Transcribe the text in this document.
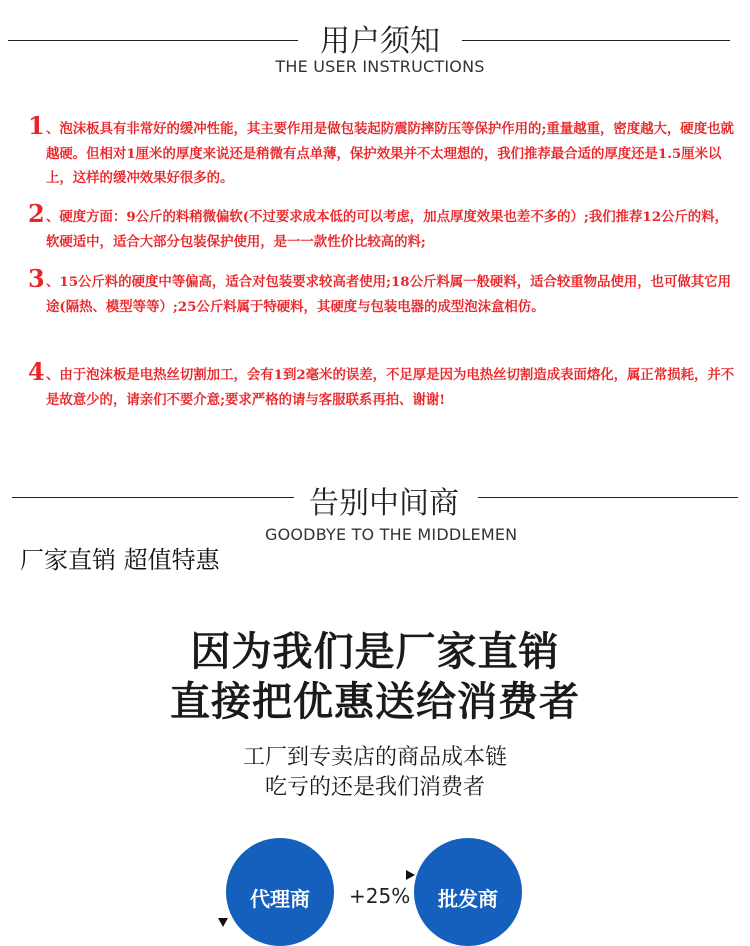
用户须知
THE USER INSTRUCTIONS
1 、泡沫板具有非常好的缓冲性能，其主要作用是做包装起防震防摔防压等保护作用的;重量越重，密度越大，硬度也就越硬。但相对1厘米的厚度来说还是稍微有点单薄，保护效果并不太理想的，我们推荐最合适的厚度还是1.5厘米以上，这样的缓冲效果好很多的。
2 、硬度方面：9公斤的料稍微偏软(不过要求成本低的可以考虑，加点厚度效果也差不多的）;我们推荐12公斤的料，软硬适中，适合大部分包装保护使用，是一一款性价比较高的料;
3 、15公斤料的硬度中等偏高，适合对包装要求较高者使用;18公斤料属一般硬料，适合较重物品使用，也可做其它用途(隔热、模型等等）;25公斤料属于特硬料，其硬度与包装电器的成型泡沫盒相仿。
4 、由于泡沫板是电热丝切割加工，会有1到2毫米的误差，不足厚是因为电热丝切割造成表面熔化，属正常损耗，并不是故意少的，请亲们不要介意;要求严格的请与客服联系再拍、谢谢!
告别中间商
GOODBYE TO THE MIDDLEMEN
厂家直销 超值特惠
因为我们是厂家直销
直接把优惠送给消费者
工厂到专卖店的商品成本链
吃亏的还是我们消费者
代理商	+25%	批发商
